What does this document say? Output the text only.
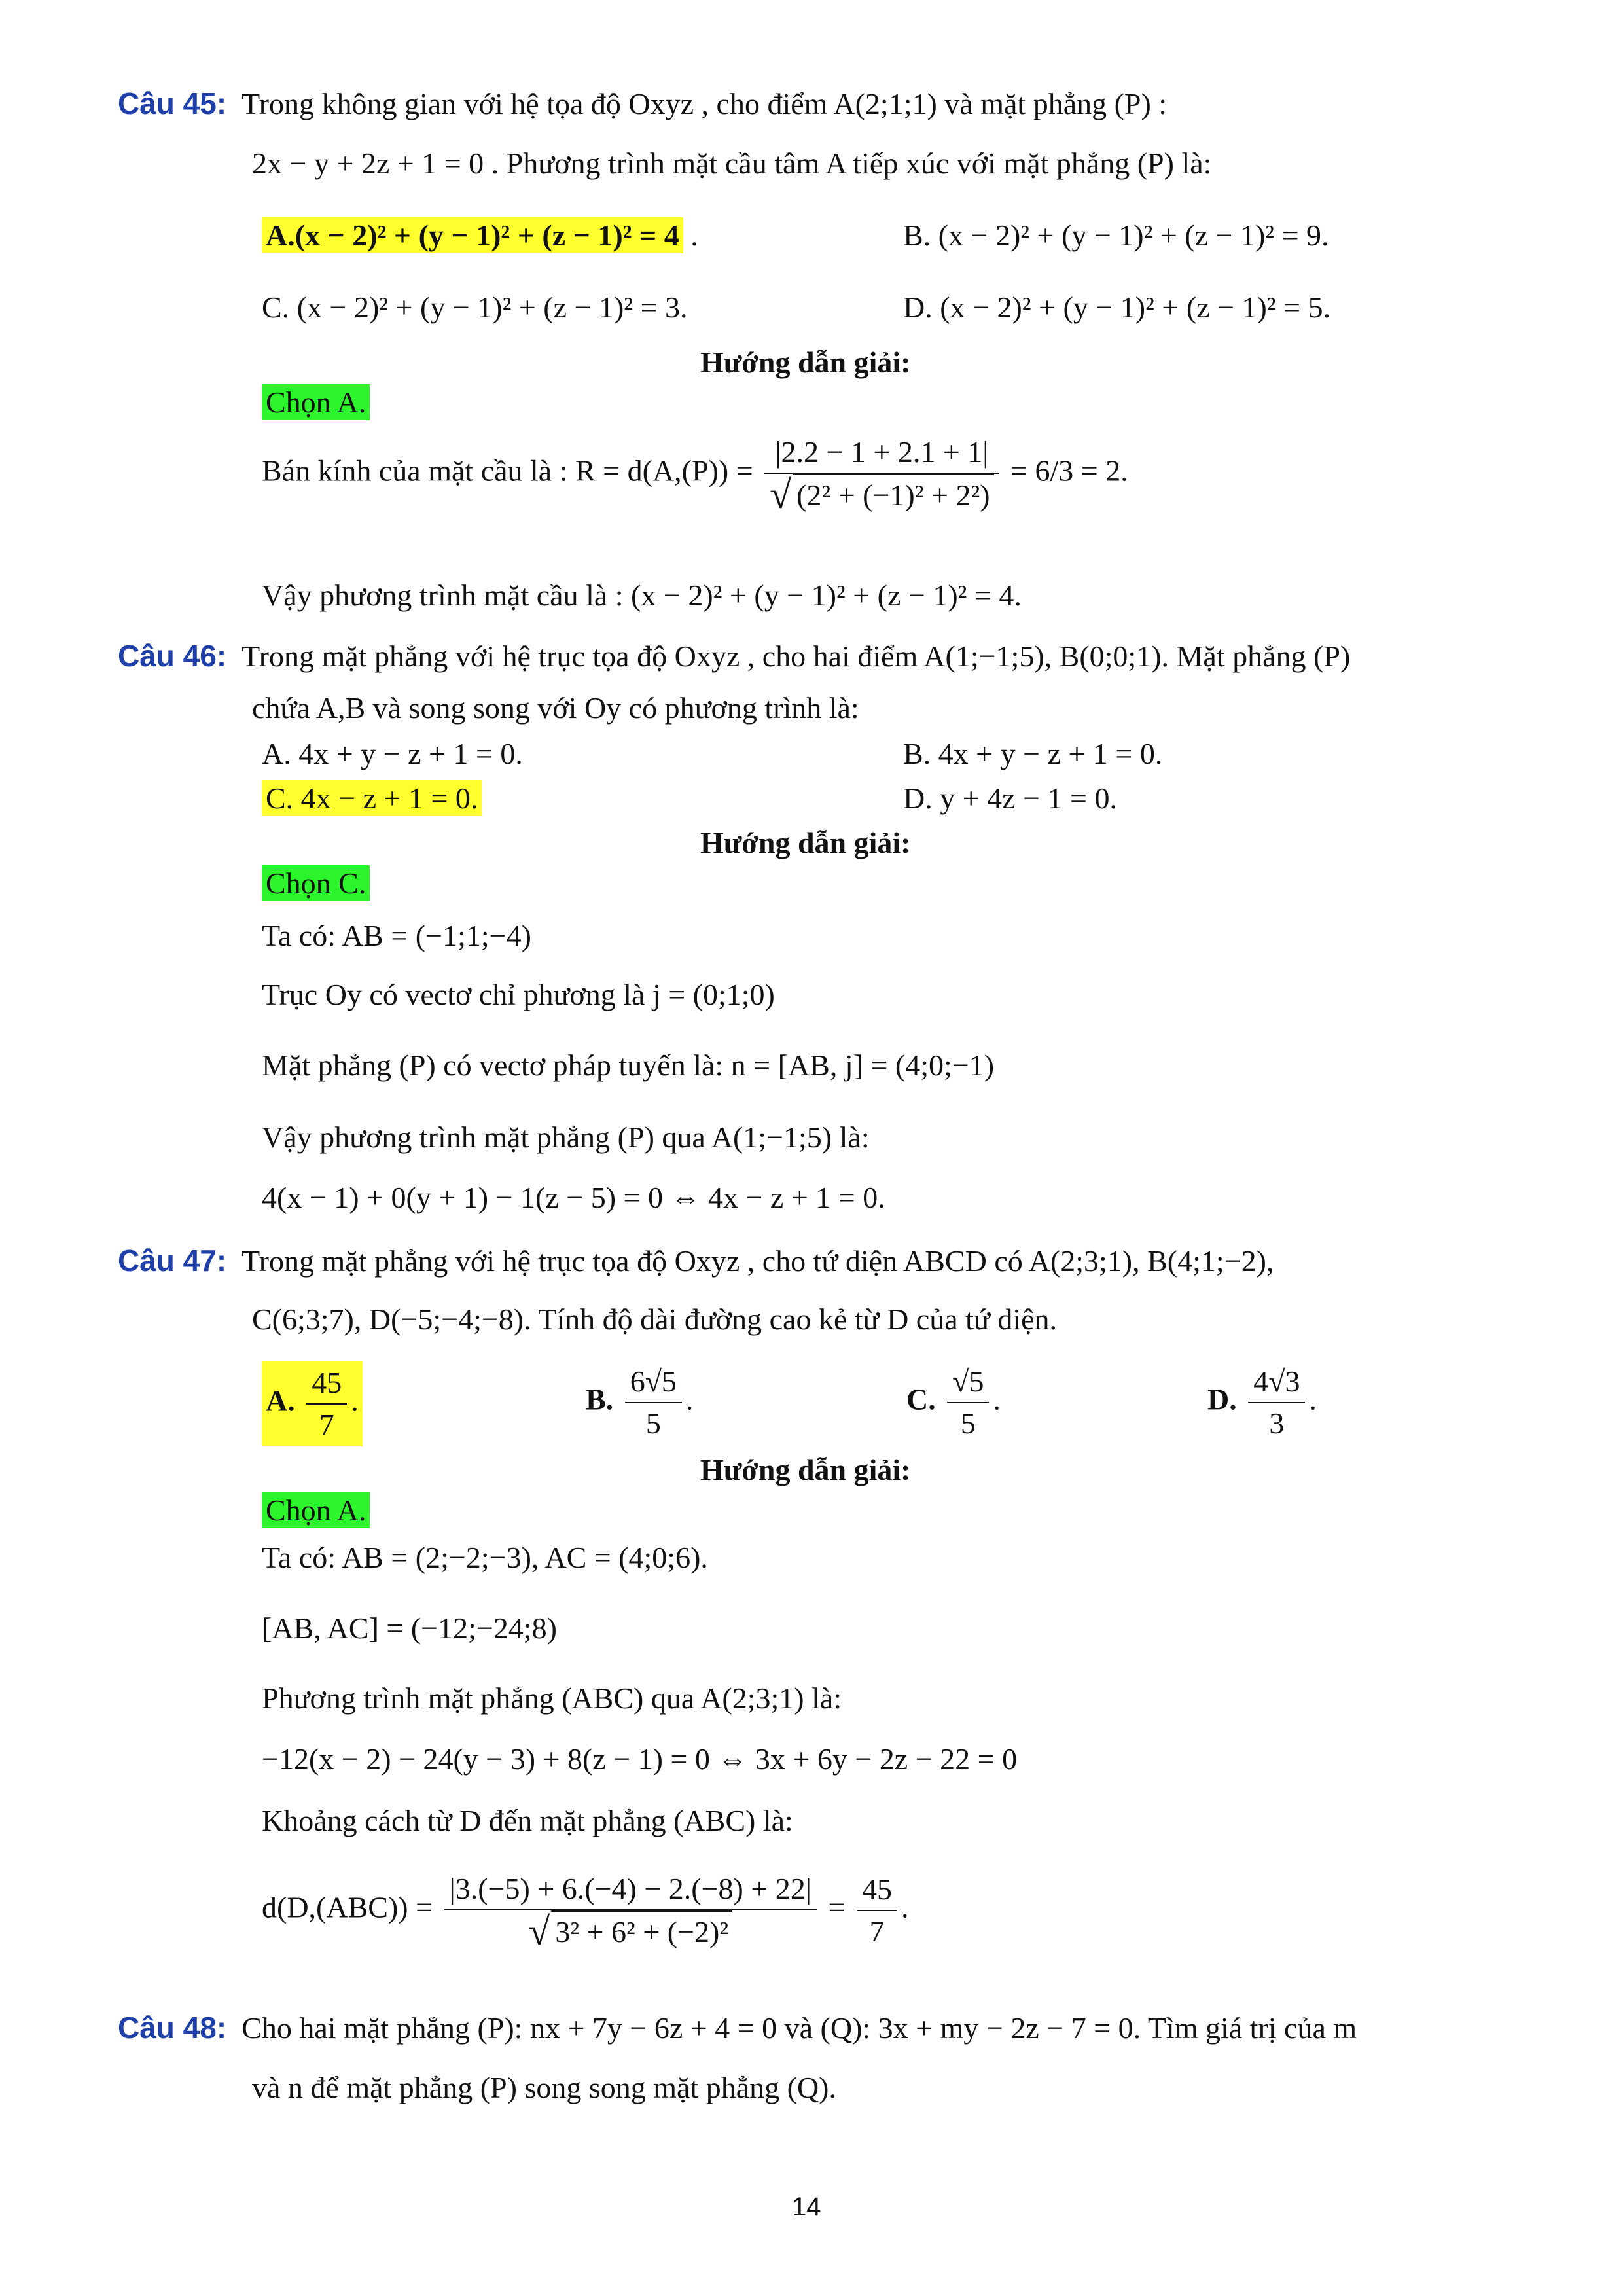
Câu 45: Trong không gian với hệ tọa độ Oxyz , cho điểm A(2;1;1) và mặt phẳng (P) :
2x − y + 2z + 1 = 0 . Phương trình mặt cầu tâm A tiếp xúc với mặt phẳng (P) là:
A.(x − 2)² + (y − 1)² + (z − 1)² = 4 .	B. (x − 2)² + (y − 1)² + (z − 1)² = 9.
C. (x − 2)² + (y − 1)² + (z − 1)² = 3.	D. (x − 2)² + (y − 1)² + (z − 1)² = 5.
Hướng dẫn giải:
Chọn A.
Bán kính của mặt cầu là : $R = d(A,(P)) = \frac{|2.2 - 1 + 2.1 + 1|}{\text{√ (2² + (−1)² + 2²)}} = 6/3 = 2$.
Vậy phương trình mặt cầu là : (x − 2)² + (y − 1)² + (z − 1)² = 4.
Câu 46: Trong mặt phẳng với hệ trục tọa độ Oxyz , cho hai điểm A(1;−1;5), B(0;0;1). Mặt phẳng (P)
chứa A,B và song song với Oy có phương trình là:
A. 4x + y − z + 1 = 0.	B. 4x + y − z + 1 = 0.
C. 4x − z + 1 = 0.	D. y + 4z − 1 = 0.
Hướng dẫn giải:
Chọn C.
Ta có: AB = (−1;1;−4)
Trục Oy có vectơ chỉ phương là j = (0;1;0)
Mặt phẳng (P) có vectơ pháp tuyến là: n = [AB, j] = (4;0;−1)
Vậy phương trình mặt phẳng (P) qua A(1;−1;5) là:
4(x − 1) + 0(y + 1) − 1(z − 5) = 0 ⇔ 4x − z + 1 = 0.
Câu 47: Trong mặt phẳng với hệ trục tọa độ Oxyz , cho tứ diện ABCD có A(2;3;1), B(4;1;−2),
C(6;3;7), D(−5;−4;−8). Tính độ dài đường cao kẻ từ D của tứ diện.
A. $\frac{45}{7}$ .	B. $\frac{6√5}{5}$ .	C. $\frac{√5}{5}$ .	D. $\frac{4√3}{3}$ .
Hướng dẫn giải:
Chọn A.
Ta có: AB = (2;−2;−3), AC = (4;0;6).
[AB, AC] = (−12;−24;8)
Phương trình mặt phẳng (ABC) qua A(2;3;1) là:
−12(x − 2) − 24(y − 3) + 8(z − 1) = 0 ⇔ 3x + 6y − 2z − 22 = 0
Khoảng cách từ D đến mặt phẳng (ABC) là:
$d(D,(ABC)) = \frac{|3.(-5) + 6.(-4) - 2.(-8) + 22|}{\text{√ 3² + 6² + (−2)²}} = \frac{45}{7}$ .
Câu 48: Cho hai mặt phẳng (P): nx + 7y − 6z + 4 = 0 và (Q): 3x + my − 2z − 7 = 0. Tìm giá trị của m
và n để mặt phẳng (P) song song mặt phẳng (Q).
14
